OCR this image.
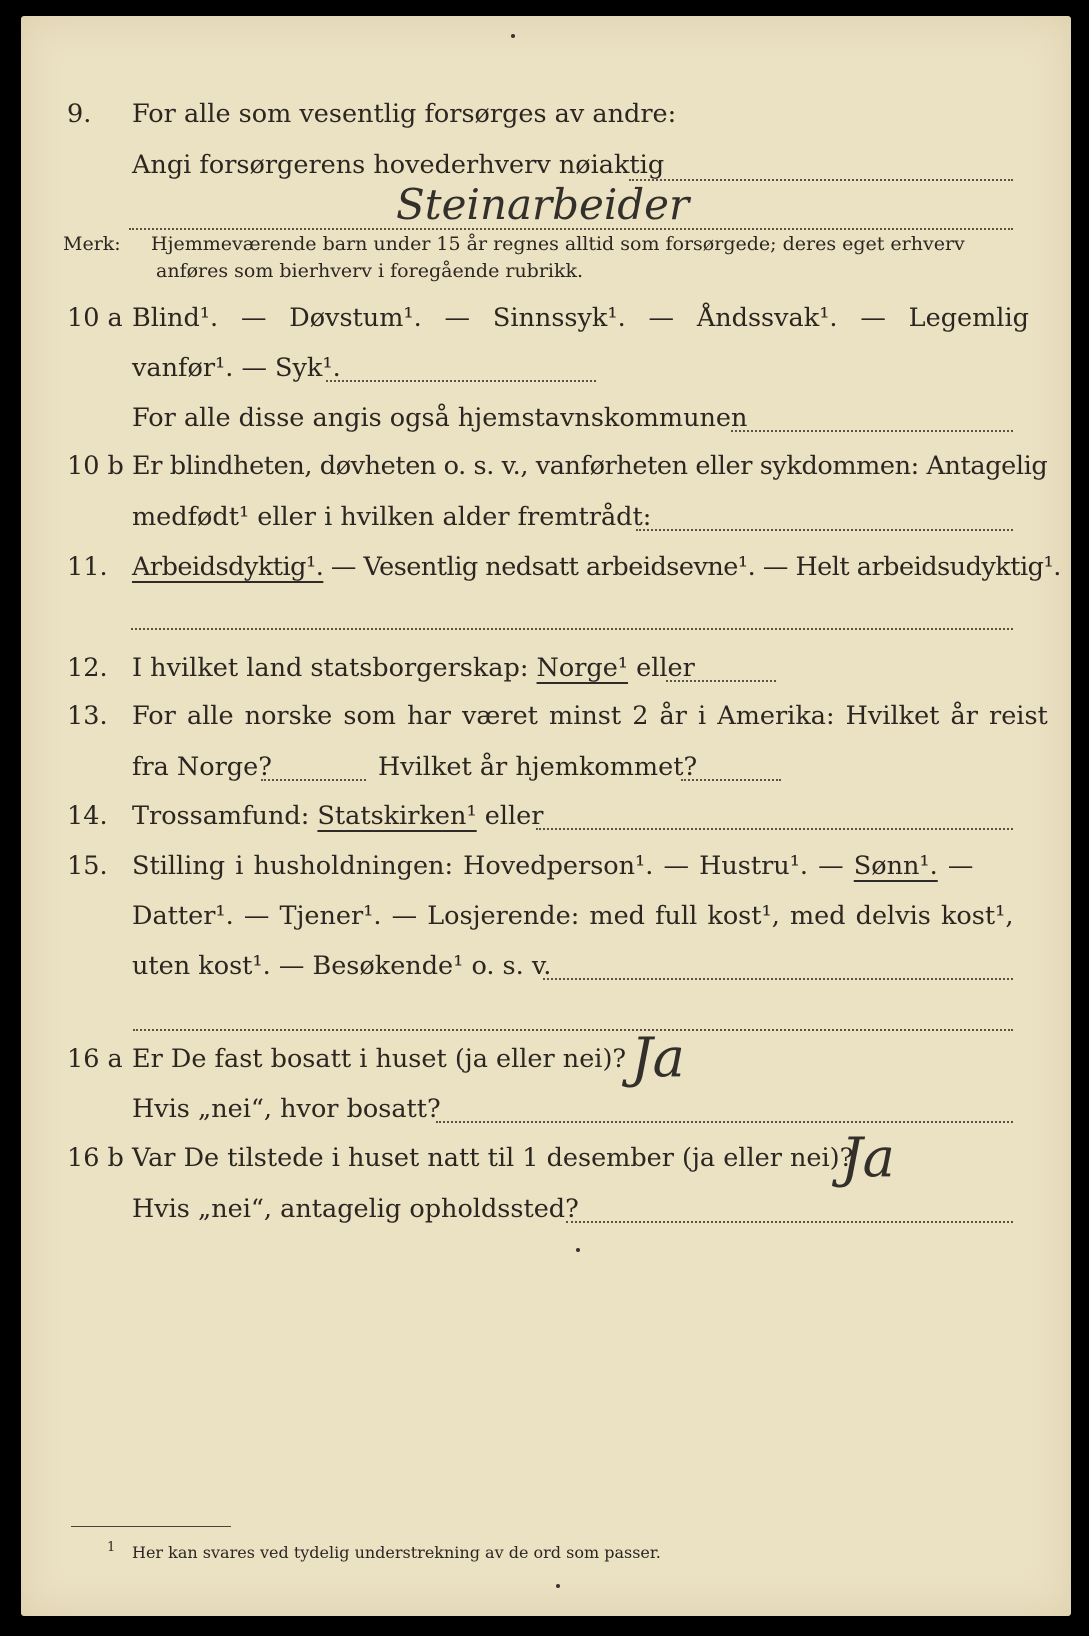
9. For alle som vesentlig forsørges av andre:
Angi forsørgerens hovederhverv nøiaktig
Steinarbeider
Merk: Hjemmeværende barn under 15 år regnes alltid som forsørgede; deres eget erhverv
anføres som bierhverv i foregående rubrikk.
10 a Blind¹. — Døvstum¹. — Sinnssyk¹. — Åndssvak¹. — Legemlig
vanfør¹. — Syk¹.
For alle disse angis også hjemstavnskommunen
10 b Er blindheten, døvheten o. s. v., vanførheten eller sykdommen: Antagelig
medfødt¹ eller i hvilken alder fremtrådt:
11. Arbeidsdyktig¹. — Vesentlig nedsatt arbeidsevne¹. — Helt arbeidsudyktig¹.
12. I hvilket land statsborgerskap: Norge¹ eller
13. For alle norske som har været minst 2 år i Amerika: Hvilket år reist
fra Norge?	Hvilket år hjemkommet?
14. Trossamfund: Statskirken¹ eller
15. Stilling i husholdningen: Hovedperson¹. — Hustru¹. — Sønn¹. —
Datter¹. — Tjener¹. — Losjerende: med full kost¹, med delvis kost¹,
uten kost¹. — Besøkende¹ o. s. v.
16 a Er De fast bosatt i huset (ja eller nei)? Ja
Hvis „nei“, hvor bosatt?
16 b Var De tilstede i huset natt til 1 desember (ja eller nei)?
Ja
Hvis „nei“, antagelig opholdssted?
1 Her kan svares ved tydelig understrekning av de ord som passer.
